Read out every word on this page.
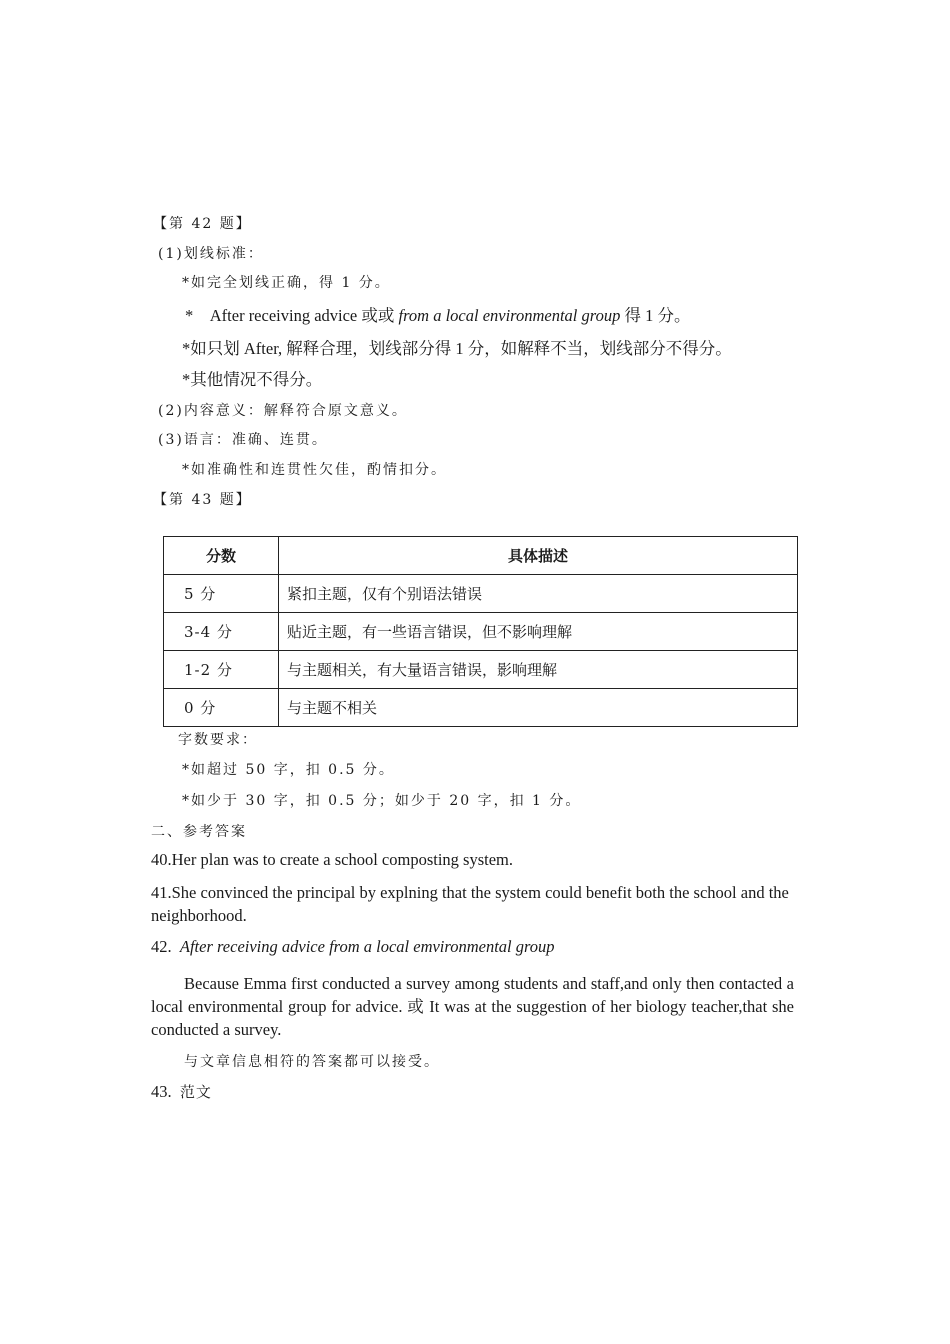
【第 42 题】
(1)划线标准：
*如完全划线正确，得 1 分。
* After receiving advice 或或 from a local environmental group 得 1 分。
*如只划 After, 解释合理，划线部分得 1 分，如解释不当，划线部分不得分。
*其他情况不得分。
(2)内容意义：解释符合原文意义。
(3)语言：准确、连贯。
*如准确性和连贯性欠佳，酌情扣分。
【第 43 题】
分数	具体描述
5 分	紧扣主题，仅有个别语法错误
3-4 分	贴近主题，有一些语言错误，但不影响理解
1-2 分	与主题相关，有大量语言错误，影响理解
0 分	与主题不相关
字数要求：
*如超过 50 字，扣 0.5 分。
*如少于 30 字，扣 0.5 分；如少于 20 字，扣 1 分。
二、参考答案
40.Her plan was to create a school composting system.
41.She convinced the principal by explning that the system could benefit both the school and the neighborhood.
42. After receiving advice from a local emvironmental group
Because Emma first conducted a survey among students and staff,and only then contacted a local environmental group for advice. 或 It was at the suggestion of her biology teacher,that she conducted a survey.
与文章信息相符的答案都可以接受。
43. 范文
